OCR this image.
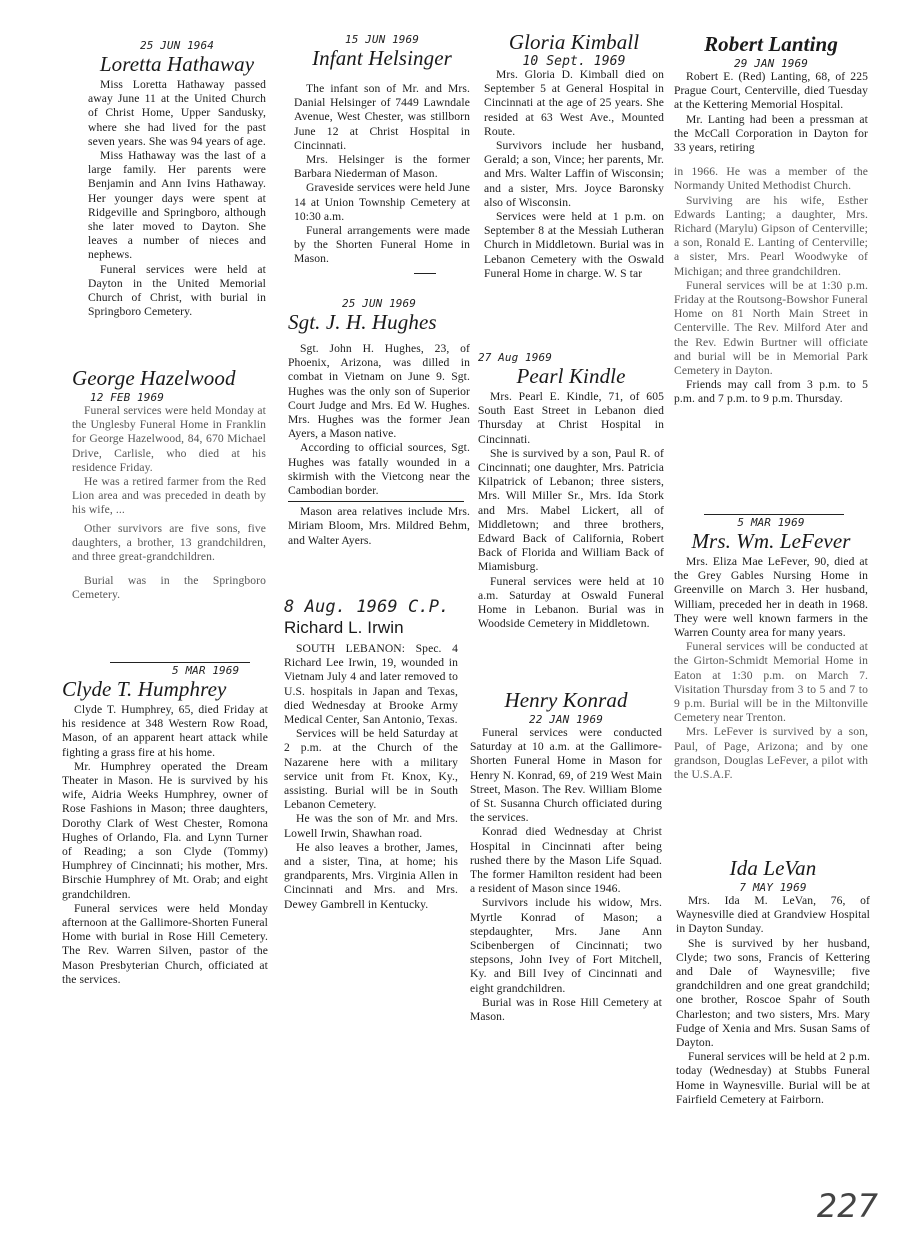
25 JUN 1964
Loretta Hathaway

Miss Loretta Hathaway passed away June 11 at the United Church of Christ Home, Upper Sandusky, where she had lived for the past seven years. She was 94 years of age.

Miss Hathaway was the last of a large family. Her parents were Benjamin and Ann Ivins Hathaway. Her younger days were spent at Ridgeville and Springboro, although she later moved to Dayton. She leaves a number of nieces and nephews.

Funeral services were held at Dayton in the United Memorial Church of Christ, with burial in Springboro Cemetery.

George Hazelwood
12 FEB 1969

Funeral services were held Monday at the Unglesby Funeral Home in Franklin for George Hazelwood, 84, 670 Michael Drive, Carlisle, who died at his residence Friday.

He was a retired farmer from the Red Lion area and was preceded in death by his wife, ...

Other survivors are five sons, five daughters, a brother, 13 grandchildren, and three great-grandchildren.

Burial was in the Springboro Cemetery.

5 MAR 1969
Clyde T. Humphrey

Clyde T. Humphrey, 65, died Friday at his residence at 348 Western Row Road, Mason, of an apparent heart attack while fighting a grass fire at his home.

Mr. Humphrey operated the Dream Theater in Mason. He is survived by his wife, Aidria Weeks Humphrey, owner of Rose Fashions in Mason; three daughters, Dorothy Clark of West Chester, Romona Hughes of Orlando, Fla. and Lynn Turner of Reading; a son Clyde (Tommy) Humphrey of Cincinnati; his mother, Mrs. Birschie Humphrey of Mt. Orab; and eight grandchildren.

Funeral services were held Monday afternoon at the Gallimore-Shorten Funeral Home with burial in Rose Hill Cemetery. The Rev. Warren Silven, pastor of the Mason Presbyterian Church, officiated at the services.

15 JUN 1969
Infant Helsinger

The infant son of Mr. and Mrs. Danial Helsinger of 7449 Lawndale Avenue, West Chester, was stillborn June 12 at Christ Hospital in Cincinnati.

Mrs. Helsinger is the former Barbara Niederman of Mason.

Graveside services were held June 14 at Union Township Cemetery at 10:30 a.m.

Funeral arrangements were made by the Shorten Funeral Home in Mason.

25 JUN 1969
Sgt. J. H. Hughes

Sgt. John H. Hughes, 23, of Phoenix, Arizona, was dilled in combat in Vietnam on June 9. Sgt. Hughes was the only son of Superior Court Judge and Mrs. Ed W. Hughes. Mrs. Hughes was the former Jean Ayers, a Mason native.

According to official sources, Sgt. Hughes was fatally wounded in a skirmish with the Vietcong near the Cambodian border.

Mason area relatives include Mrs. Miriam Bloom, Mrs. Mildred Behm, and Walter Ayers.

8 Aug. 1969 C.P.
Richard L. Irwin

SOUTH LEBANON: Spec. 4 Richard Lee Irwin, 19, wounded in Vietnam July 4 and later removed to U.S. hospitals in Japan and Texas, died Wednesday at Brooke Army Medical Center, San Antonio, Texas.

Services will be held Saturday at 2 p.m. at the Church of the Nazarene here with a military service unit from Ft. Knox, Ky., assisting. Burial will be in South Lebanon Cemetery.

He was the son of Mr. and Mrs. Lowell Irwin, Shawhan road.

He also leaves a brother, James, and a sister, Tina, at home; his grandparents, Mrs. Virginia Allen in Cincinnati and Mrs. and Mrs. Dewey Gambrell in Kentucky.

Gloria Kimball
10 Sept. 1969

Mrs. Gloria D. Kimball died on September 5 at General Hospital in Cincinnati at the age of 25 years. She resided at 63 West Ave., Mounted Route.

Survivors include her husband, Gerald; a son, Vince; her parents, Mr. and Mrs. Walter Laffin of Wisconsin; and a sister, Mrs. Joyce Baronsky also of Wisconsin.

Services were held at 1 p.m. on September 8 at the Messiah Lutheran Church in Middletown. Burial was in Lebanon Cemetery with the Oswald Funeral Home in charge. W. S tar

27 Aug 1969
Pearl Kindle

Mrs. Pearl E. Kindle, 71, of 605 South East Street in Lebanon died Thursday at Christ Hospital in Cincinnati.

She is survived by a son, Paul R. of Cincinnati; one daughter, Mrs. Patricia Kilpatrick of Lebanon; three sisters, Mrs. Will Miller Sr., Mrs. Ida Stork and Mrs. Mabel Lickert, all of Middletown; and three brothers, Edward Back of California, Robert Back of Florida and William Back of Miamisburg.

Funeral services were held at 10 a.m. Saturday at Oswald Funeral Home in Lebanon. Burial was in Woodside Cemetery in Middletown.

Henry Konrad
22 JAN 1969

Funeral services were conducted Saturday at 10 a.m. at the Gallimore-Shorten Funeral Home in Mason for Henry N. Konrad, 69, of 219 West Main Street, Mason. The Rev. William Blome of St. Susanna Church officiated during the services.

Konrad died Wednesday at Christ Hospital in Cincinnati after being rushed there by the Mason Life Squad. The former Hamilton resident had been a resident of Mason since 1946.

Survivors include his widow, Mrs. Myrtle Konrad of Mason; a stepdaughter, Mrs. Jane Ann Scibenbergen of Cincinnati; two stepsons, John Ivey of Fort Mitchell, Ky. and Bill Ivey of Cincinnati and eight grandchildren.

Burial was in Rose Hill Cemetery at Mason.

Robert Lanting
29 JAN 1969

Robert E. (Red) Lanting, 68, of 225 Prague Court, Centerville, died Tuesday at the Kettering Memorial Hospital.

Mr. Lanting had been a pressman at the McCall Corporation in Dayton for 33 years, retiring

in 1966. He was a member of the Normandy United Methodist Church.

Surviving are his wife, Esther Edwards Lanting; a daughter, Mrs. Richard (Marylu) Gipson of Centerville; a son, Ronald E. Lanting of Centerville; a sister, Mrs. Pearl Woodwyke of Michigan; and three grandchildren.

Funeral services will be at 1:30 p.m. Friday at the Routsong-Bowshor Funeral Home on 81 North Main Street in Centerville. The Rev. Milford Ater and the Rev. Edwin Burtner will officiate and burial will be in Memorial Park Cemetery in Dayton.

Friends may call from 3 p.m. to 5 p.m. and 7 p.m. to 9 p.m. Thursday.

5 MAR 1969
Mrs. Wm. LeFever

Mrs. Eliza Mae LeFever, 90, died at the Grey Gables Nursing Home in Greenville on March 3. Her husband, William, preceded her in death in 1968. They were well known farmers in the Warren County area for many years.

Funeral services will be conducted at the Girton-Schmidt Memorial Home in Eaton at 1:30 p.m. on March 7. Visitation Thursday from 3 to 5 and 7 to 9 p.m. Burial will be in the Miltonville Cemetery near Trenton.

Mrs. LeFever is survived by a son, Paul, of Page, Arizona; and by one grandson, Douglas LeFever, a pilot with the U.S.A.F.

Ida LeVan
7 MAY 1969

Mrs. Ida M. LeVan, 76, of Waynesville died at Grandview Hospital in Dayton Sunday.

She is survived by her husband, Clyde; two sons, Francis of Kettering and Dale of Waynesville; five grandchildren and one great grandchild; one brother, Roscoe Spahr of South Charleston; and two sisters, Mrs. Mary Fudge of Xenia and Mrs. Susan Sams of Dayton.

Funeral services will be held at 2 p.m. today (Wednesday) at Stubbs Funeral Home in Waynesville. Burial will be at Fairfield Cemetery at Fairborn.

227
